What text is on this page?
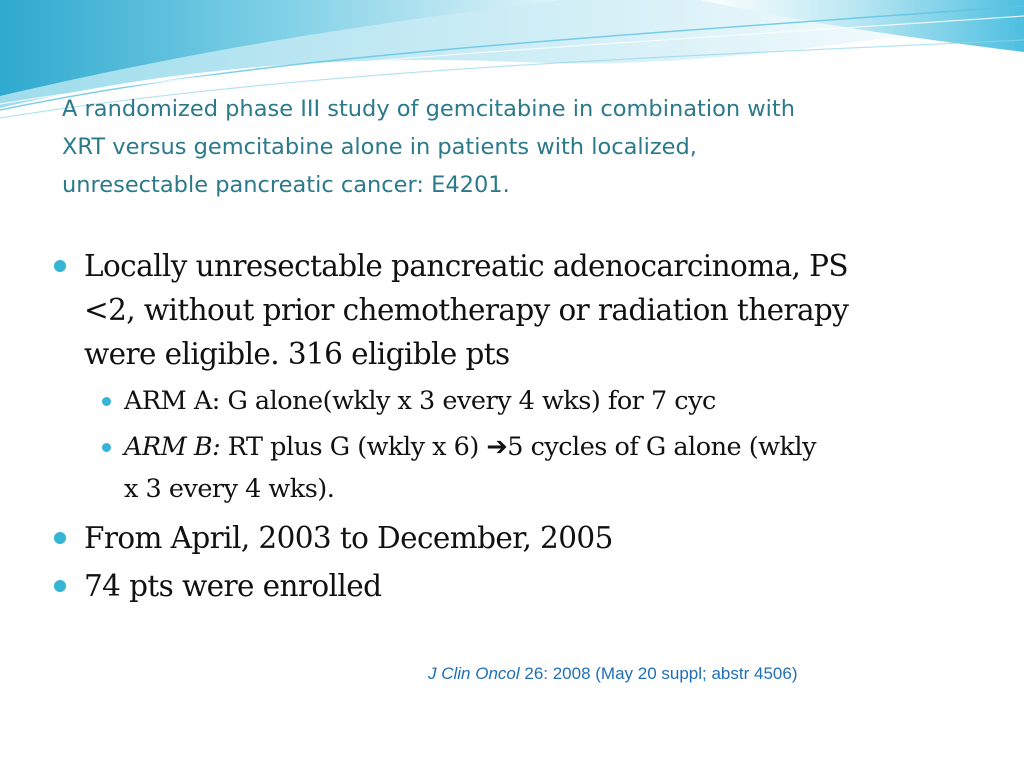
A randomized phase III study of gemcitabine in combination with
XRT versus gemcitabine alone in patients with localized,
unresectable pancreatic cancer: E4201.
Locally unresectable pancreatic adenocarcinoma, PS
<2, without prior chemotherapy or radiation therapy
were eligible. 316 eligible pts
ARM A: G alone(wkly x 3 every 4 wks) for 7 cyc
ARM B: RT plus G (wkly x 6) ➔5 cycles of G alone (wkly
x 3 every 4 wks).
From April, 2003 to December, 2005
74 pts were enrolled
J Clin Oncol 26: 2008 (May 20 suppl; abstr 4506)
